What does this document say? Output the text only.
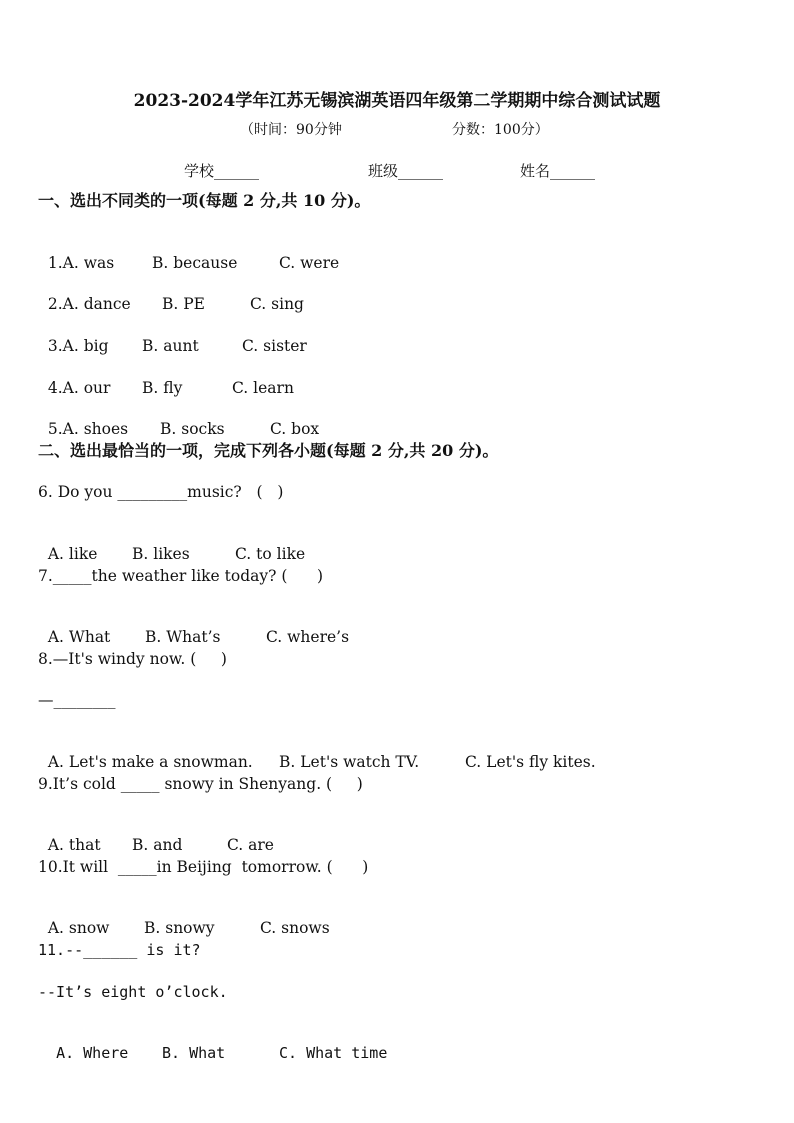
2023-2024学年江苏无锡滨湖英语四年级第二学期期中综合测试试题
（时间：90分钟	分数：100分）
学校______	班级______	姓名______
一、选出不同类的一项(每题 2 分,共 10 分)。

1.A. was B. because	C. were

2.A. dance B. PE	C. sing

3.A. big B. aunt	C. sister

4.A. our B. fly	C. learn

5.A. shoes B. socks	C. box

二、选出最恰当的一项，完成下列各小题(每题 2 分,共 20 分)。
6. Do you _________music?   (   )

A. like B. likes	C. to like

7._____the weather like today? (      )

A. What B. What’s	C. where’s

8.—It's windy now. (     )
—________

A. Let's make a snowman. B. Let's watch TV.	C. Let's fly kites.

9.It’s cold _____ snowy in Shenyang. (     )

A. that B. and	C. are

10.It will  _____in Beijing  tomorrow. (      )

A. snow B. snowy	C. snows

11.--______ is it?
--It’s eight o’clock.

A. Where B. What	C. What time
